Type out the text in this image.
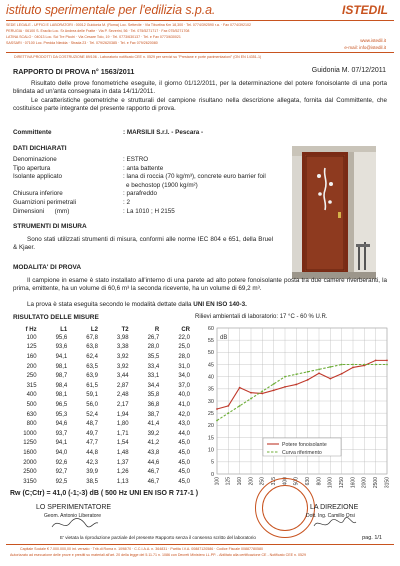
istituto sperimentale per l'edilizia s.p.a.	ISTEDIL
SEDE LEGALE - UFFICI E LABORATORI : 00012 Guidonia M. (Roma) Loc. Settevile · Via Tiburtina Km 18,300 · Tel. 0774/392590 r.a. · Fax 0774/392102
PERUGIA · 06100 S. Eraclio Loc. Sr Andrea delle Fratte · Via P. Severini, 56 · Tel. 075/5271717 · Fax 075/5271708
LATINA SCALO · 04013 Loc. Sci Tre Picchi · Via Cesare Tolo, 19 · Tel. 0773/630137 · Tel. e Fax 0773/630021
SASSARI · 07100 Loc. Predda Niedda · Strada 23 · Tel. 079/2620385 · Tel. e Fax 079/2620080	www.istedil.it
e-mail: info@istedil.it
DIRETTIVA PRODOTTI DA COSTRUZIONE 89/106 - Laboratorio notificato CEE n. 0529 per servizi su "Prestane e porte pavimentazioni" (ON EN 14351-1)
RAPPORTO DI PROVA n° 1563/2011	Guidonia M. 07/12/2011

Risultato delle prove fonometriche eseguite, il giorno 01/12/2011, per la determinazione del potere fonoisolante di una porta blindata ad un'anta consegnata in data 14/11/2011.

Le caratteristiche geometriche e strutturali del campione risultano nella descrizione allegata, fornita dal Committente, che costituisce parte integrante del presente rapporto di prova.

Committente	: MARSILII S.r.l. - Pescara -
DATI DICHIARATI
Denominazione	: ESTRO
Tipo apertura	: anta battente
Isolante applicato	: lana di roccia (70 kg/m³), concrete euro barrier foil
e bechostop (1900 kg/m²)
Chiusura inferiore	: parafreddo
Guarnizioni perimetrali	: 2
Dimensioni      (mm)	: La 1010 ; H 2155
STRUMENTI DI MISURA

Sono stati utilizzati strumenti di misura, conformi alle norme IEC 804 e 651, della Bruel & Kjaer.

MODALITA' DI PROVA

Il campione in esame è stato installato all'interno di una parete ad alto potere fonoisolante posta tra due camere riverberanti, la prima, emittente, ha un volume di 60,6 m³ la seconda ricevente, ha un volume di 69,2 m³.

La prova è stata eseguita secondo le modalità dettate dalla UNI EN ISO 140-3.
RISULTATO DELLE MISURE	Rilievi ambientali di laboratorio: 17 °C - 60 % U.R.
f Hz	L1	L2	T2	R	CR
100	95,6	67,8	3,98	26,7	22,0
125	93,6	63,8	3,38	28,0	25,0
160	94,1	62,4	3,92	35,5	28,0
200	98,1	63,5	3,92	33,4	31,0
250	98,7	63,9	3,44	33,1	34,0
315	98,4	61,5	2,87	34,4	37,0
400	98,1	59,1	2,48	35,8	40,0
500	96,5	56,0	2,17	36,8	41,0
630	95,3	52,4	1,94	38,7	42,0
800	94,6	48,7	1,80	41,4	43,0
1000	93,7	49,7	1,71	39,2	44,0
1250	94,1	47,7	1,54	41,2	45,0
1600	94,0	44,8	1,48	43,8	45,0
2000	92,6	42,3	1,37	44,6	45,0
2500	92,7	39,9	1,26	46,7	45,0
3150	92,5	38,5	1,13	46,7	45,0
Rw (C;Ctr) = 41,0 (-1;-3) dB ( 500 Hz UNI EN ISO R 717-1 )
0
5
10
15
20
25
30
35
40
45
50
55
60
100 125 160 200 250 315 400 500 630 800 1000 1250 1600 2000 2500 3150
dB
Potere fonoisolante
Curva riferimento
LO SPERIMENTATORE
Geom. Antonio Liberatore
LA DIREZIONE
Dott. Ing. Camillo Orsi
E' vietata la riproduzione parziale del presente Rapporto senza il consenso scritto del laboratorio	pag. 1/1
Capitale Sociale € 7.000.000,00 int. versato · Trib.di Roma n. 1098/70 · C.C.I.A.A. n. 364831 · Partita I.V.A. 00887120586 · Codice Fiscale 00887780580
Autorizzato ad esecuzione delle prove e prestiti su materiali all'art. 20 della legge del 5.11.71 n. 1086 con Decreti Ministero LL.PP. - Abilitato alla certificazione CE - Notificato CEE n. 0529
